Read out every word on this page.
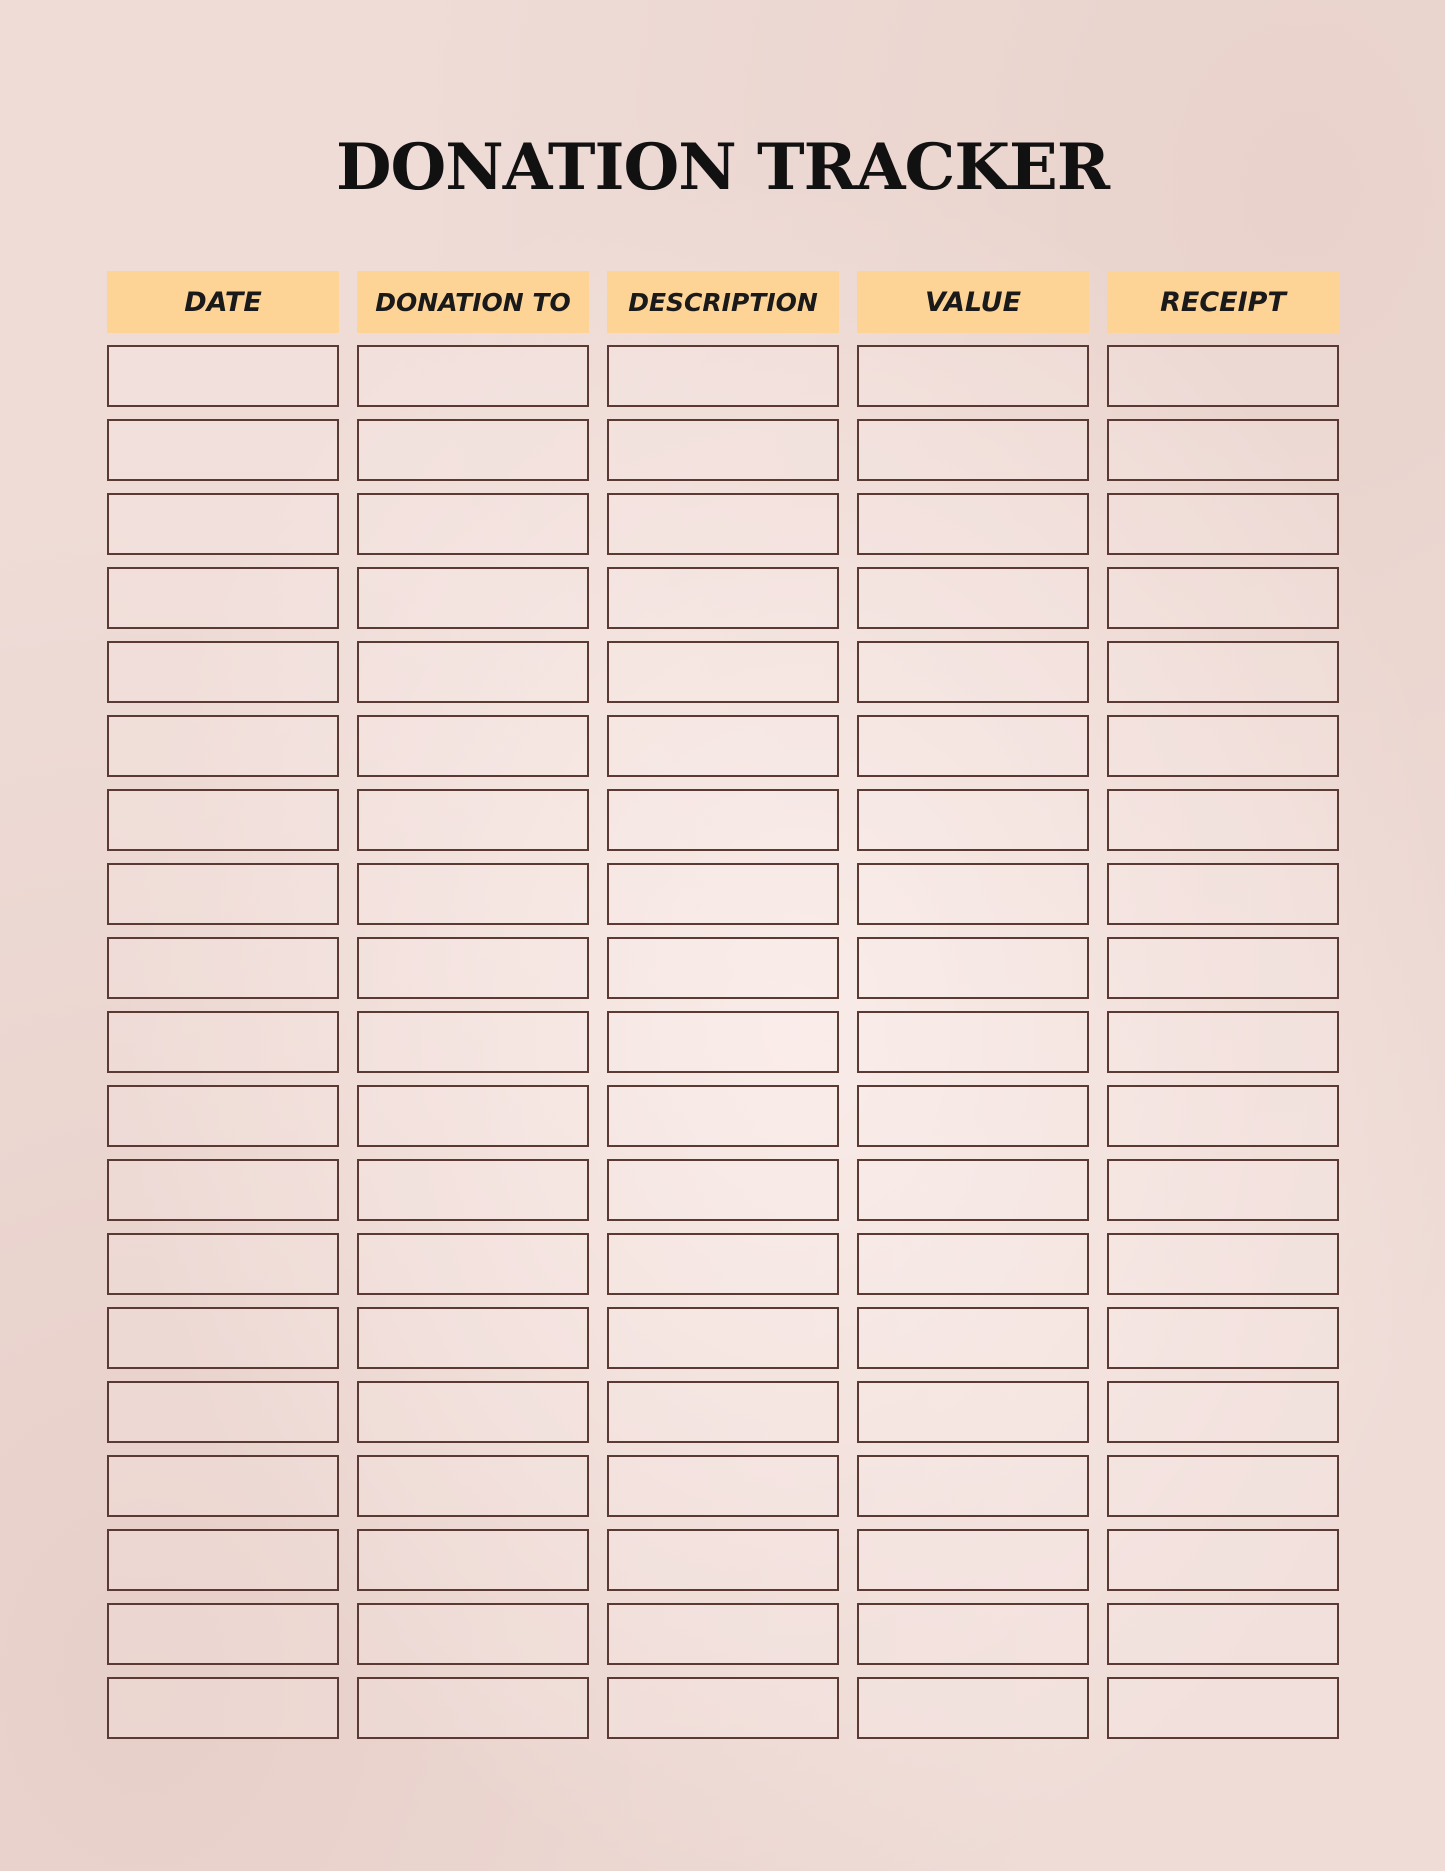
DONATION TRACKER
DATE	DONATION TO	DESCRIPTION	VALUE	RECEIPT
